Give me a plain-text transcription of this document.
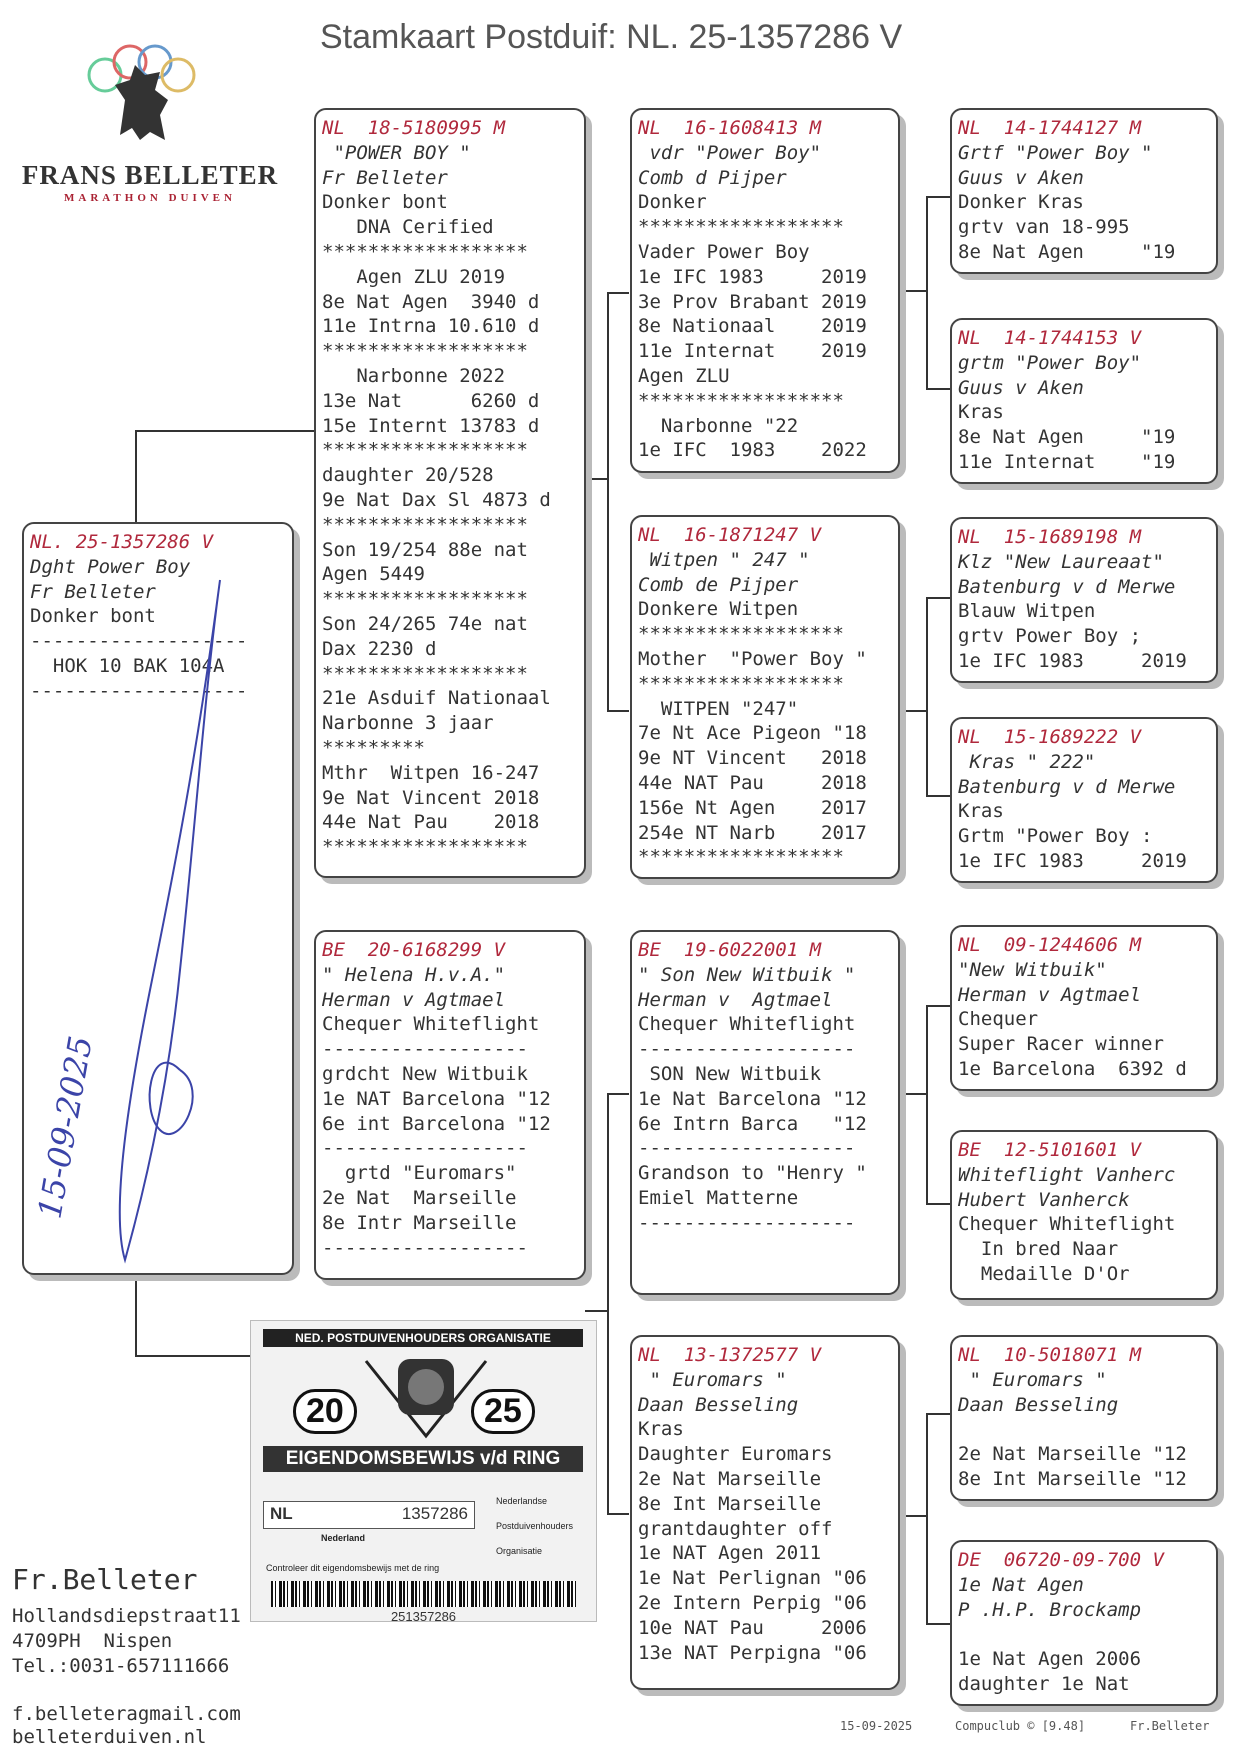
Stamkaart Postduif: NL. 25-1357286 V
FRANS BELLETER
MARATHON DUIVEN
NL. 25-1357286 V
Dght Power Boy
Fr Belleter
Donker bont
-------------------
HOK 10 BAK 104A
-------------------
NL  18-5180995 M
"POWER BOY "
Fr Belleter
Donker bont
DNA Cerified
******************
Agen ZLU 2019
8e Nat Agen  3940 d
11e Intrna 10.610 d
******************
Narbonne 2022
13e Nat      6260 d
15e Internt 13783 d
******************
daughter 20/528
9e Nat Dax Sl 4873 d
******************
Son 19/254 88e nat
Agen 5449
******************
Son 24/265 74e nat
Dax 2230 d
******************
21e Asduif Nationaal
Narbonne 3 jaar
*********
Mthr  Witpen 16-247
9e Nat Vincent 2018
44e Nat Pau    2018
******************
BE  20-6168299 V
" Helena H.v.A."
Herman v Agtmael
Chequer Whiteflight
------------------
grdcht New Witbuik
1e NAT Barcelona "12
6e int Barcelona "12
------------------
grtd "Euromars"
2e Nat  Marseille
8e Intr Marseille
------------------
NL  16-1608413 M
vdr "Power Boy"
Comb d Pijper
Donker
******************
Vader Power Boy
1e IFC 1983     2019
3e Prov Brabant 2019
8e Nationaal    2019
11e Internat    2019
Agen ZLU
******************
Narbonne "22
1e IFC  1983    2022
NL  16-1871247 V
Witpen " 247 "
Comb de Pijper
Donkere Witpen
******************
Mother  "Power Boy "
******************
WITPEN "247"
7e Nt Ace Pigeon "18
9e NT Vincent   2018
44e NAT Pau     2018
156e Nt Agen    2017
254e NT Narb    2017
******************
BE  19-6022001 M
" Son New Witbuik "
Herman v  Agtmael
Chequer Whiteflight
-------------------
SON New Witbuik
1e Nat Barcelona "12
6e Intrn Barca   "12
-------------------
Grandson to "Henry "
Emiel Matterne
-------------------
NL  13-1372577 V
" Euromars "
Daan Besseling
Kras
Daughter Euromars
2e Nat Marseille
8e Int Marseille
grantdaughter off
1e NAT Agen 2011
1e Nat Perlignan "06
2e Intern Perpig "06
10e NAT Pau     2006
13e NAT Perpigna "06
NL  14-1744127 M
Grtf "Power Boy "
Guus v Aken
Donker Kras
grtv van 18-995
8e Nat Agen     "19
NL  14-1744153 V
grtm "Power Boy"
Guus v Aken
Kras
8e Nat Agen     "19
11e Internat    "19
NL  15-1689198 M
Klz "New Laureaat"
Batenburg v d Merwe
Blauw Witpen
grtv Power Boy ;
1e IFC 1983     2019
NL  15-1689222 V
Kras " 222"
Batenburg v d Merwe
Kras
Grtm "Power Boy :
1e IFC 1983     2019
NL  09-1244606 M
"New Witbuik"
Herman v Agtmael
Chequer
Super Racer winner
1e Barcelona  6392 d
BE  12-5101601 V
Whiteflight Vanherc
Hubert Vanherck
Chequer Whiteflight
In bred Naar
Medaille D'Or
NL  10-5018071 M
" Euromars "
Daan Besseling
2e Nat Marseille "12
8e Int Marseille "12
DE  06720-09-700 V
1e Nat Agen
P .H.P. Brockamp
1e Nat Agen 2006
daughter 1e Nat
15-09-2025
NED. POSTDUIVENHOUDERS ORGANISATIE
20	25
EIGENDOMSBEWIJS v/d RING
NL	1357286
Nederland
Controleer dit eigendomsbewijs met de ring
Nederlandse
Postduivenhouders
Organisatie
251357286
Fr.Belleter
Hollandsdiepstraat11
4709PH  Nispen
Tel.:0031-657111666
f.belleteragmail.com
belleterduiven.nl	15-09-2025	Compuclub © [9.48]	Fr.Belleter
